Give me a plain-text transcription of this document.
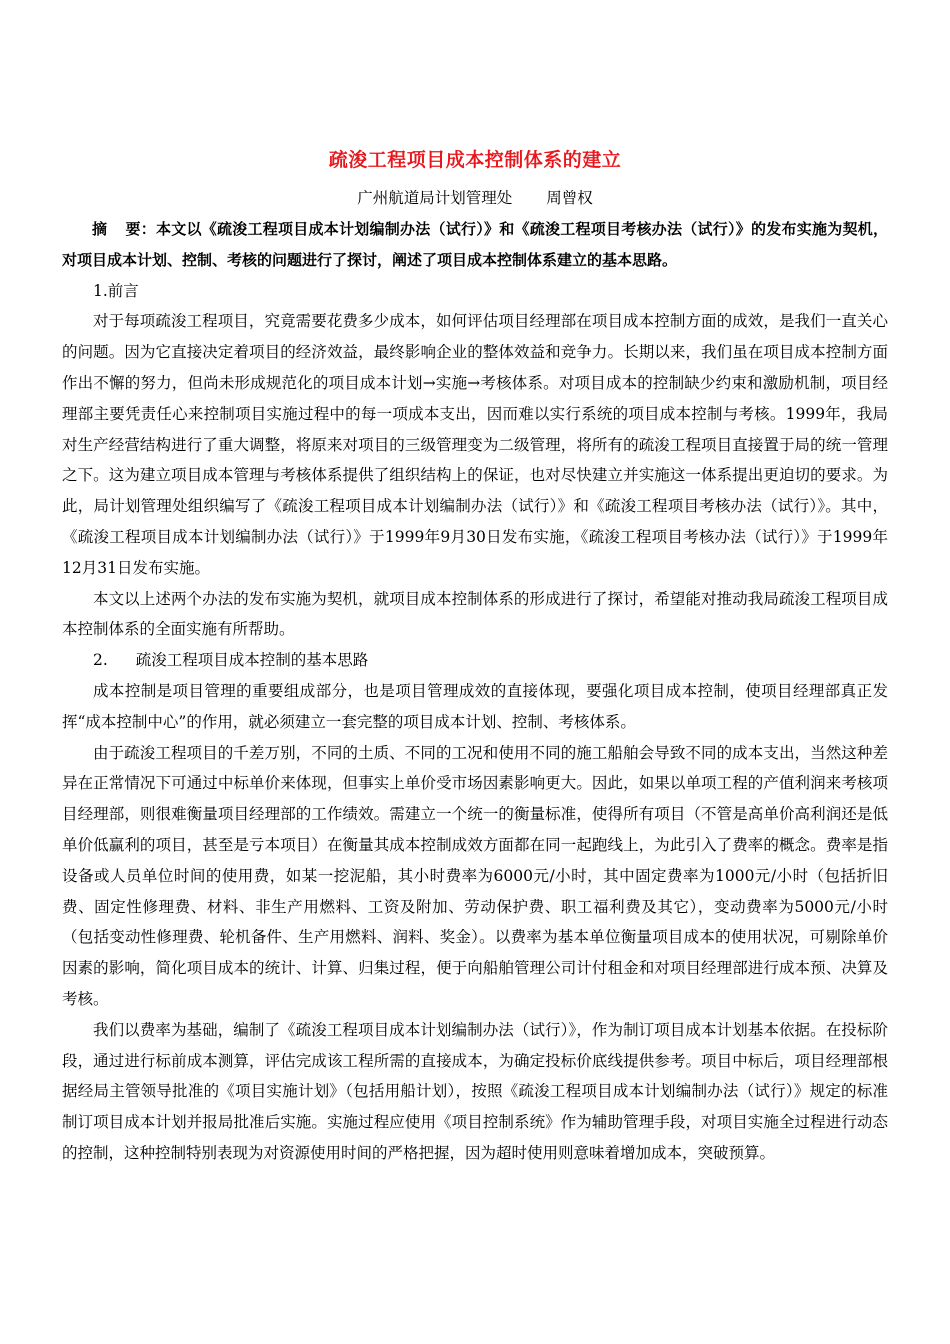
疏浚工程项目成本控制体系的建立
广州航道局计划管理处 周曾权

摘 要：本文以《疏浚工程项目成本计划编制办法（试行）》和《疏浚工程项目考核办法（试行）》的发布实施为契机，对项目成本计划、控制、考核的问题进行了探讨，阐述了项目成本控制体系建立的基本思路。

1.前言

对于每项疏浚工程项目，究竟需要花费多少成本，如何评估项目经理部在项目成本控制方面的成效，是我们一直关心的问题。因为它直接决定着项目的经济效益，最终影响企业的整体效益和竞争力。长期以来，我们虽在项目成本控制方面作出不懈的努力，但尚未形成规范化的项目成本计划→实施→考核体系。对项目成本的控制缺少约束和激励机制，项目经理部主要凭责任心来控制项目实施过程中的每一项成本支出，因而难以实行系统的项目成本控制与考核。1999年，我局对生产经营结构进行了重大调整，将原来对项目的三级管理变为二级管理，将所有的疏浚工程项目直接置于局的统一管理之下。这为建立项目成本管理与考核体系提供了组织结构上的保证，也对尽快建立并实施这一体系提出更迫切的要求。为此，局计划管理处组织编写了《疏浚工程项目成本计划编制办法（试行）》和《疏浚工程项目考核办法（试行）》。其中，《疏浚工程项目成本计划编制办法（试行）》于1999年9月30日发布实施，《疏浚工程项目考核办法（试行）》于1999年12月31日发布实施。

本文以上述两个办法的发布实施为契机，就项目成本控制体系的形成进行了探讨，希望能对推动我局疏浚工程项目成本控制体系的全面实施有所帮助。

2. 疏浚工程项目成本控制的基本思路

成本控制是项目管理的重要组成部分，也是项目管理成效的直接体现，要强化项目成本控制，使项目经理部真正发挥“成本控制中心”的作用，就必须建立一套完整的项目成本计划、控制、考核体系。

由于疏浚工程项目的千差万别，不同的土质、不同的工况和使用不同的施工船舶会导致不同的成本支出，当然这种差异在正常情况下可通过中标单价来体现，但事实上单价受市场因素影响更大。因此，如果以单项工程的产值利润来考核项目经理部，则很难衡量项目经理部的工作绩效。需建立一个统一的衡量标准，使得所有项目（不管是高单价高利润还是低单价低赢利的项目，甚至是亏本项目）在衡量其成本控制成效方面都在同一起跑线上，为此引入了费率的概念。费率是指设备或人员单位时间的使用费，如某一挖泥船，其小时费率为6000元/小时，其中固定费率为1000元/小时（包括折旧费、固定性修理费、材料、非生产用燃料、工资及附加、劳动保护费、职工福利费及其它），变动费率为5000元/小时（包括变动性修理费、轮机备件、生产用燃料、润料、奖金）。以费率为基本单位衡量项目成本的使用状况，可剔除单价因素的影响，简化项目成本的统计、计算、归集过程，便于向船舶管理公司计付租金和对项目经理部进行成本预、决算及考核。

我们以费率为基础，编制了《疏浚工程项目成本计划编制办法（试行）》，作为制订项目成本计划基本依据。在投标阶段，通过进行标前成本测算，评估完成该工程所需的直接成本，为确定投标价底线提供参考。项目中标后，项目经理部根据经局主管领导批准的《项目实施计划》（包括用船计划），按照《疏浚工程项目成本计划编制办法（试行）》规定的标准制订项目成本计划并报局批准后实施。实施过程应使用《项目控制系统》作为辅助管理手段，对项目实施全过程进行动态的控制，这种控制特别表现为对资源使用时间的严格把握，因为超时使用则意味着增加成本，突破预算。
